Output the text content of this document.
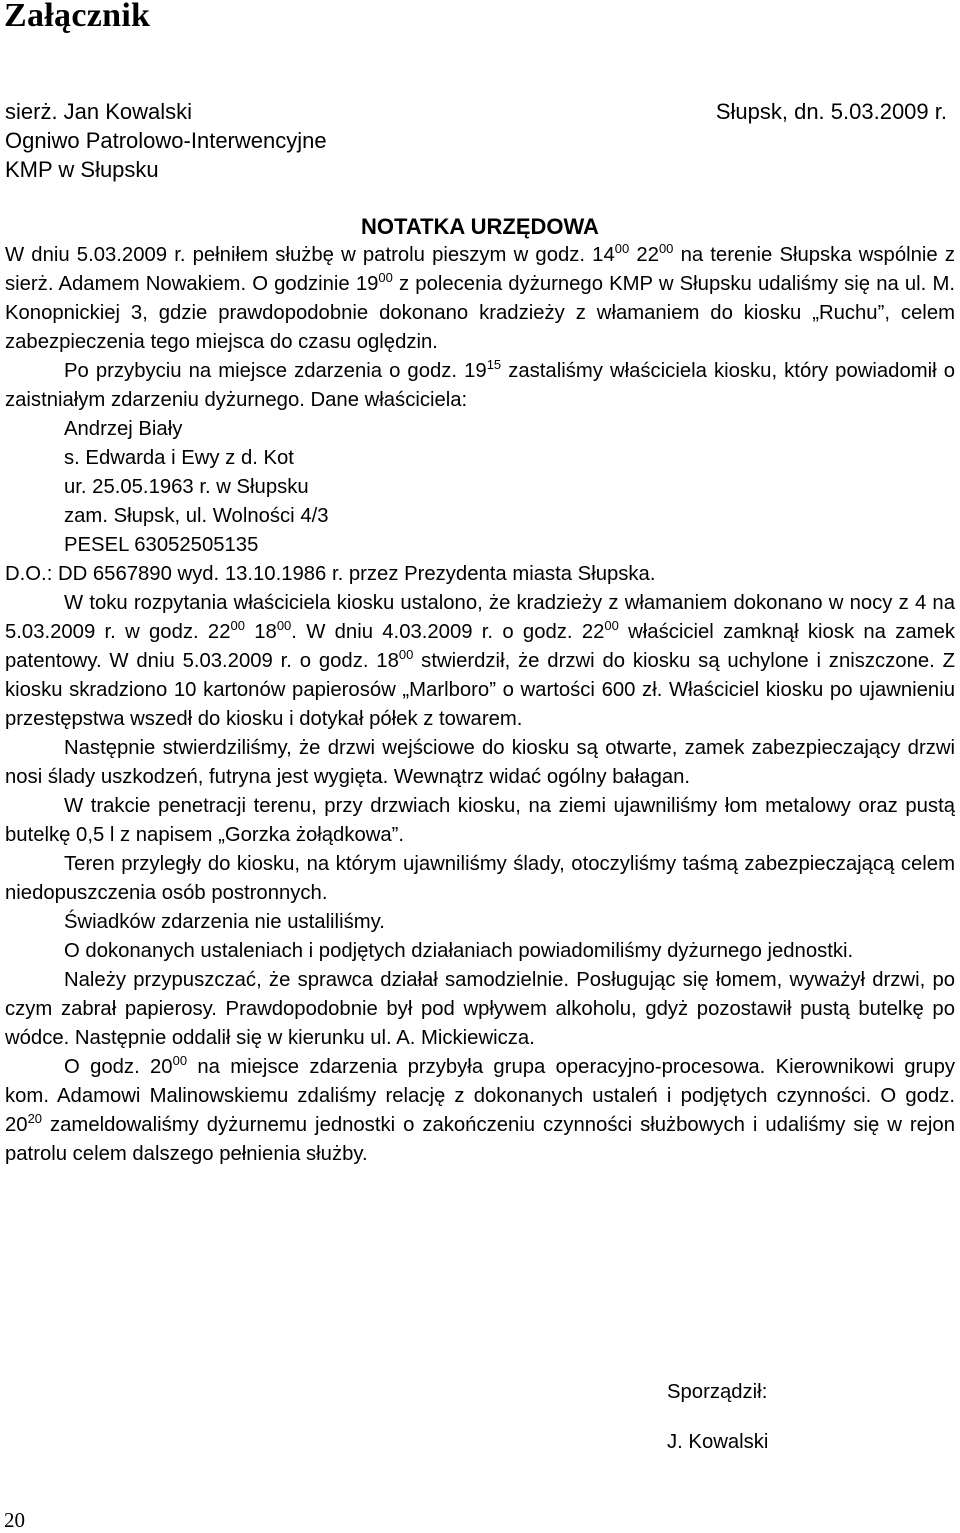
Załącznik
sierż. Jan Kowalski
Ogniwo Patrolowo-Interwencyjne
KMP w Słupsku
Słupsk, dn. 5.03.2009 r.
NOTATKA URZĘDOWA

W dniu 5.03.2009 r. pełniłem służbę w patrolu pieszym w godz. $14^{00}$ $22^{00}$ na terenie Słupska wspólnie z sierż. Adamem Nowakiem. O godzinie $19^{00}$ z polecenia dyżurnego KMP w Słupsku udaliśmy się na ul. M. Konopnickiej 3, gdzie prawdopodobnie dokonano kradzieży z włamaniem do kiosku „Ruchu”, celem zabezpieczenia tego miejsca do czasu oględzin.

Po przybyciu na miejsce zdarzenia o godz. $19^{15}$ zastaliśmy właściciela kiosku, który powiadomił o zaistniałym zdarzeniu dyżurnego. Dane właściciela:

Andrzej Biały

s. Edwarda i Ewy z d. Kot

ur. 25.05.1963 r. w Słupsku

zam. Słupsk, ul. Wolności 4/3

PESEL 63052505135

D.O.: DD 6567890 wyd. 13.10.1986 r. przez Prezydenta miasta Słupska.

W toku rozpytania właściciela kiosku ustalono, że kradzieży z włamaniem dokonano w nocy z 4 na 5.03.2009 r. w godz. $22^{00}$ $18^{00}$. W dniu 4.03.2009 r. o godz. $22^{00}$ właściciel zamknął kiosk na zamek patentowy. W dniu 5.03.2009 r. o godz. $18^{00}$ stwierdził, że drzwi do kiosku są uchylone i zniszczone. Z kiosku skradziono 10 kartonów papierosów „Marlboro” o wartości 600 zł. Właściciel kiosku po ujawnieniu przestępstwa wszedł do kiosku i dotykał półek z towarem.

Następnie stwierdziliśmy, że drzwi wejściowe do kiosku są otwarte, zamek zabezpieczający drzwi nosi ślady uszkodzeń, futryna jest wygięta. Wewnątrz widać ogólny bałagan.

W trakcie penetracji terenu, przy drzwiach kiosku, na ziemi ujawniliśmy łom metalowy oraz pustą butelkę 0,5 l z napisem „Gorzka żołądkowa”.

Teren przyległy do kiosku, na którym ujawniliśmy ślady, otoczyliśmy taśmą zabezpieczającą celem niedopuszczenia osób postronnych.

Świadków zdarzenia nie ustaliliśmy.

O dokonanych ustaleniach i podjętych działaniach powiadomiliśmy dyżurnego jednostki.

Należy przypuszczać, że sprawca działał samodzielnie. Posługując się łomem, wyważył drzwi, po czym zabrał papierosy. Prawdopodobnie był pod wpływem alkoholu, gdyż pozostawił pustą butelkę po wódce. Następnie oddalił się w kierunku ul. A. Mickiewicza.

O godz. $20^{00}$ na miejsce zdarzenia przybyła grupa operacyjno-procesowa. Kierownikowi grupy kom. Adamowi Malinowskiemu zdaliśmy relację z dokonanych ustaleń i podjętych czynności. O godz. $20^{20}$ zameldowaliśmy dyżurnemu jednostki o zakończeniu czynności służbowych i udaliśmy się w rejon patrolu celem dalszego pełnienia służby.

Sporządził:
J. Kowalski
20
